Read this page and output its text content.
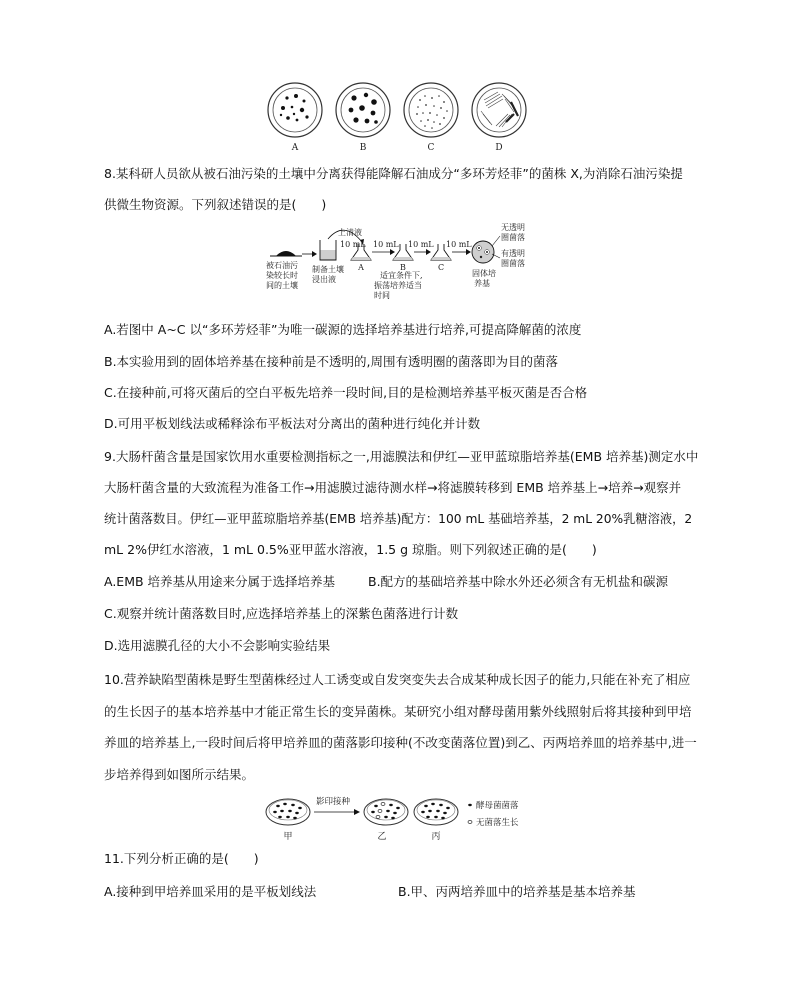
A	B	C	D
8.某科研人员欲从被石油污染的土壤中分离获得能降解石油成分“多环芳烃菲”的菌株 X,为消除石油污染提
供微生物资源。下列叙述错误的是(　　)
被石油污
染较长时
间的土壤
制备土壤
浸出液
上清液
10 mL
A
10 mL
B
10 mL
C
适宜条件下,
振荡培养适当
时间
10 mL
固体培
养基
无透明
圈菌落
有透明
圈菌落
A.若图中 A~C 以“多环芳烃菲”为唯一碳源的选择培养基进行培养,可提高降解菌的浓度
B.本实验用到的固体培养基在接种前是不透明的,周围有透明圈的菌落即为目的菌落
C.在接种前,可将灭菌后的空白平板先培养一段时间,目的是检测培养基平板灭菌是否合格
D.可用平板划线法或稀释涂布平板法对分离出的菌种进行纯化并计数
9.大肠杆菌含量是国家饮用水重要检测指标之一,用滤膜法和伊红—亚甲蓝琼脂培养基(EMB 培养基)测定水中
大肠杆菌含量的大致流程为准备工作→用滤膜过滤待测水样→将滤膜转移到 EMB 培养基上→培养→观察并
统计菌落数目。伊红—亚甲蓝琼脂培养基(EMB 培养基)配方：100 mL 基础培养基，2 mL 20%乳糖溶液，2
mL 2%伊红水溶液，1 mL 0.5%亚甲蓝水溶液，1.5 g 琼脂。则下列叙述正确的是(　　)
A.EMB 培养基从用途来分属于选择培养基	B.配方的基础培养基中除水外还必须含有无机盐和碳源
C.观察并统计菌落数目时,应选择培养基上的深紫色菌落进行计数
D.选用滤膜孔径的大小不会影响实验结果
10.营养缺陷型菌株是野生型菌株经过人工诱变或自发突变失去合成某种成长因子的能力,只能在补充了相应
的生长因子的基本培养基中才能正常生长的变异菌株。某研究小组对酵母菌用紫外线照射后将其接种到甲培
养皿的培养基上,一段时间后将甲培养皿的菌落影印接种(不改变菌落位置)到乙、丙两培养皿的培养基中,进一
步培养得到如图所示结果。
甲
影印接种
乙	丙
酵母菌菌落
无菌落生长
11.下列分析正确的是(　　)
A.接种到甲培养皿采用的是平板划线法	B.甲、丙两培养皿中的培养基是基本培养基
